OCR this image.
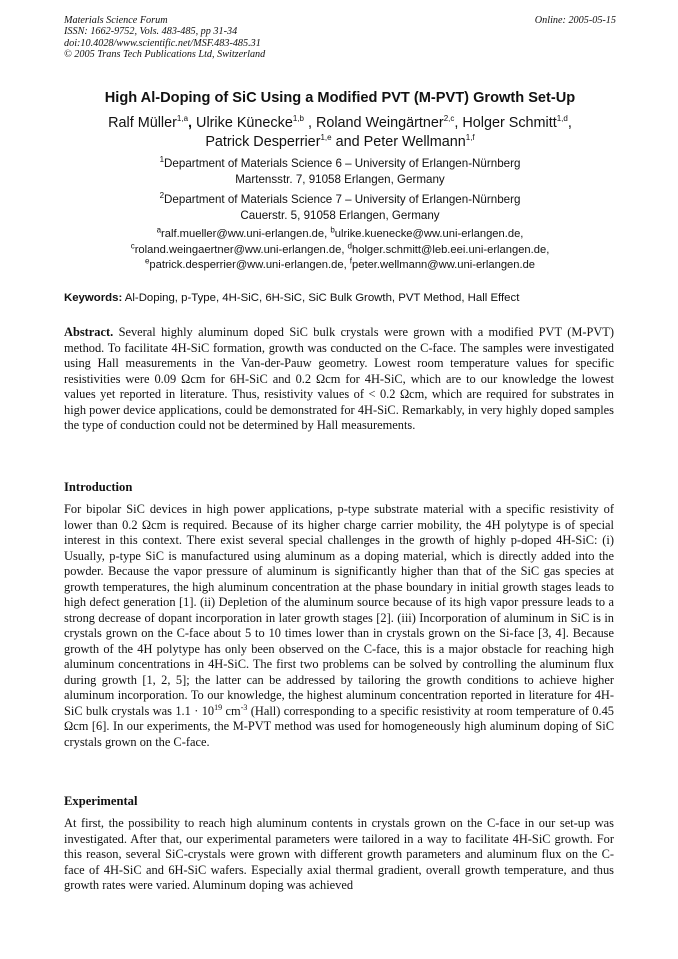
Materials Science Forum
ISSN: 1662-9752, Vols. 483-485, pp 31-34
doi:10.4028/www.scientific.net/MSF.483-485.31
© 2005 Trans Tech Publications Ltd, Switzerland
Online: 2005-05-15
High Al-Doping of SiC Using a Modified PVT (M-PVT) Growth Set-Up
Ralf Müller$^{1,a}$, Ulrike Künecke$^{1,b}$ , Roland Weingärtner$^{2,c}$, Holger Schmitt$^{1,d}$,
Patrick Desperrier$^{1,e}$ and Peter Wellmann$^{1,f}$
$^1$Department of Materials Science 6 – University of Erlangen-Nürnberg
Martensstr. 7, 91058 Erlangen, Germany
$^2$Department of Materials Science 7 – University of Erlangen-Nürnberg
Cauerstr. 5, 91058 Erlangen, Germany
$^a$ralf.mueller@ww.uni-erlangen.de, $^b$ulrike.kuenecke@ww.uni-erlangen.de,
$^c$roland.weingaertner@ww.uni-erlangen.de, $^d$holger.schmitt@leb.eei.uni-erlangen.de,
$^e$patrick.desperrier@ww.uni-erlangen.de, $^f$peter.wellmann@ww.uni-erlangen.de
Keywords: Al-Doping, p-Type, 4H-SiC, 6H-SiC, SiC Bulk Growth, PVT Method, Hall Effect
Abstract. Several highly aluminum doped SiC bulk crystals were grown with a modified PVT (M-PVT) method. To facilitate 4H-SiC formation, growth was conducted on the C-face. The samples were investigated using Hall measurements in the Van-der-Pauw geometry. Lowest room temperature values for specific resistivities were 0.09 Ωcm for 6H-SiC and 0.2 Ωcm for 4H-SiC, which are to our knowledge the lowest values yet reported in literature. Thus, resistivity values of < 0.2 Ωcm, which are required for substrates in high power device applications, could be demonstrated for 4H-SiC. Remarkably, in very highly doped samples the type of conduction could not be determined by Hall measurements.
Introduction
For bipolar SiC devices in high power applications, p-type substrate material with a specific resistivity of lower than 0.2 Ωcm is required. Because of its higher charge carrier mobility, the 4H polytype is of special interest in this context. There exist several special challenges in the growth of highly p-doped 4H-SiC: (i) Usually, p-type SiC is manufactured using aluminum as a doping material, which is directly added into the powder. Because the vapor pressure of aluminum is significantly higher than that of the SiC gas species at growth temperatures, the high aluminum concentration at the phase boundary in initial growth stages leads to high defect generation [1]. (ii) Depletion of the aluminum source because of its high vapor pressure leads to a strong decrease of dopant incorporation in later growth stages [2]. (iii) Incorporation of aluminum in SiC is in crystals grown on the C-face about 5 to 10 times lower than in crystals grown on the Si-face [3, 4]. Because growth of the 4H polytype has only been observed on the C-face, this is a major obstacle for reaching high aluminum concentrations in 4H-SiC. The first two problems can be solved by controlling the aluminum flux during growth [1, 2, 5]; the latter can be addressed by tailoring the growth conditions to achieve higher aluminum incorporation. To our knowledge, the highest aluminum concentration reported in literature for 4H-SiC bulk crystals was $1.1 \cdot 10^{19}$ $cm^{-3}$ (Hall) corresponding to a specific resistivity at room temperature of 0.45 Ωcm [6]. In our experiments, the M-PVT method was used for homogeneously high aluminum doping of SiC crystals grown on the C-face.
Experimental
At first, the possibility to reach high aluminum contents in crystals grown on the C-face in our set-up was investigated. After that, our experimental parameters were tailored in a way to facilitate 4H-SiC growth. For this reason, several SiC-crystals were grown with different growth parameters and aluminum flux on the C-face of 4H-SiC and 6H-SiC wafers. Especially axial thermal gradient, overall growth temperature, and thus growth rates were varied. Aluminum doping was achieved
